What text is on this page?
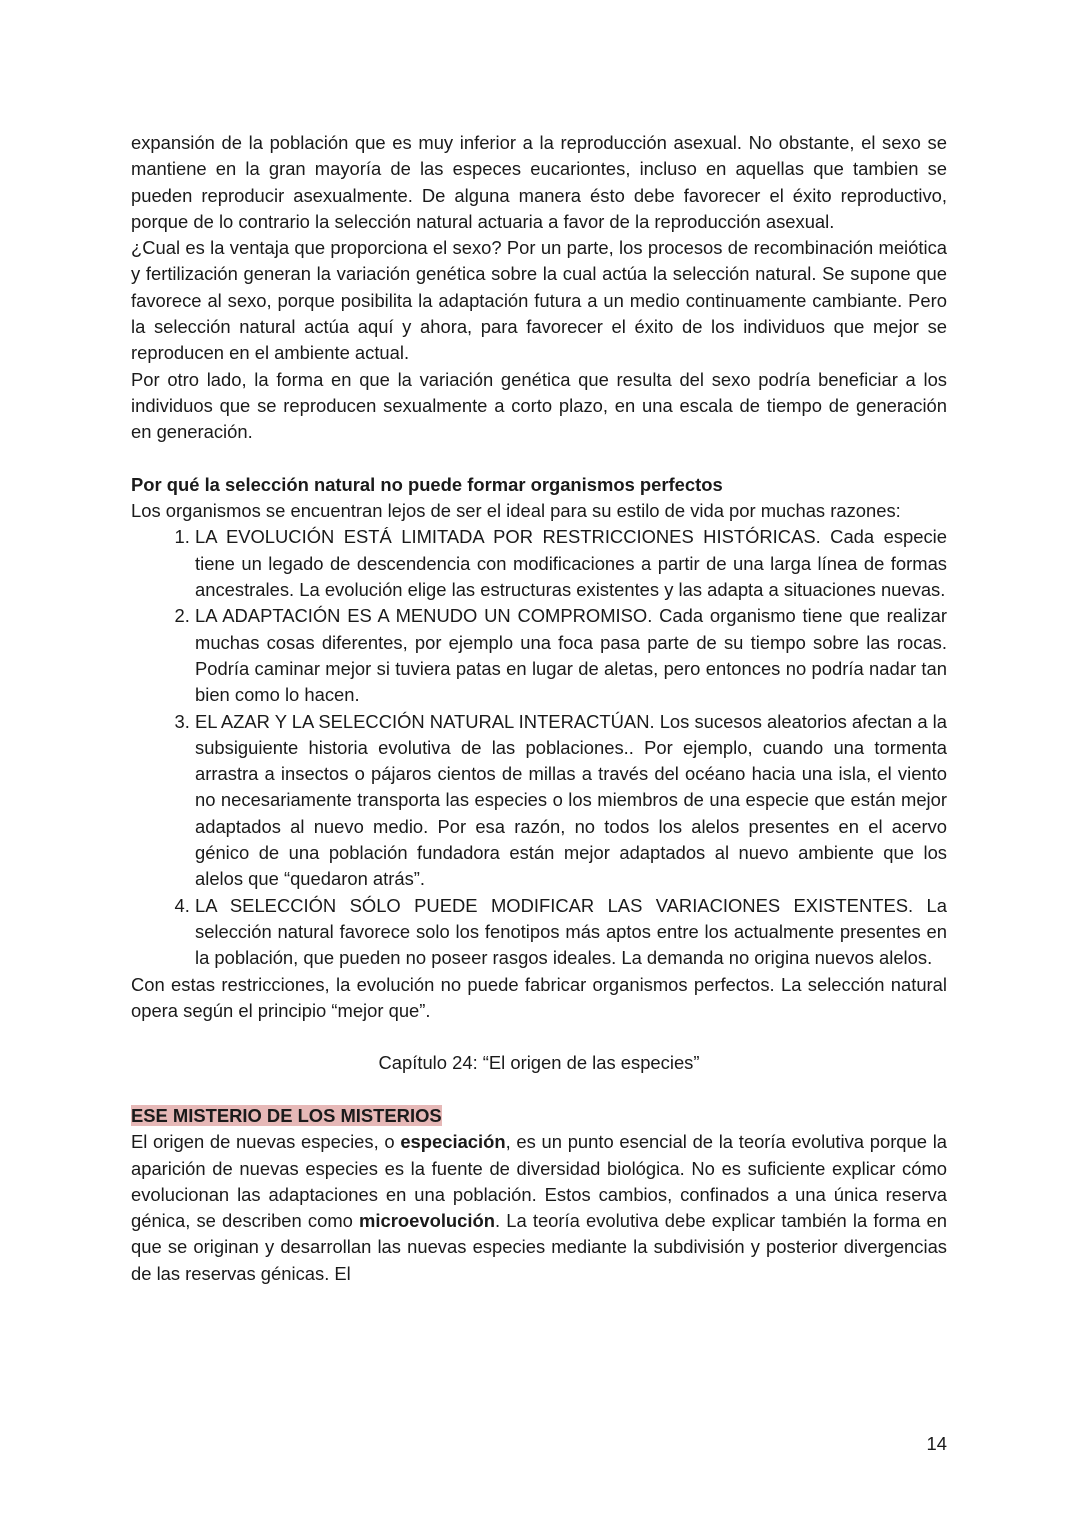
expansión de la población que es muy inferior a la reproducción asexual. No obstante, el sexo se mantiene en la gran mayoría de las especes eucariontes, incluso en aquellas que tambien se pueden reproducir asexualmente. De alguna manera ésto debe favorecer el éxito reproductivo, porque de lo contrario la selección natural actuaria a favor de la reproducción asexual.

¿Cual es la ventaja que proporciona el sexo? Por un parte, los procesos de recombinación meiótica y fertilización generan la variación genética sobre la cual actúa la selección natural. Se supone que favorece al sexo, porque posibilita la adaptación futura a un medio continuamente cambiante. Pero la selección natural actúa aquí y ahora, para favorecer el éxito de los individuos que mejor se reproducen en el ambiente actual.

Por otro lado, la forma en que la variación genética que resulta del sexo podría beneficiar a los individuos que se reproducen sexualmente a corto plazo, en una escala de tiempo de generación en generación.

Por qué la selección natural no puede formar organismos perfectos

Los organismos se encuentran lejos de ser el ideal para su estilo de vida por muchas razones:

1. LA EVOLUCIÓN ESTÁ LIMITADA POR RESTRICCIONES HISTÓRICAS. Cada especie tiene un legado de descendencia con modificaciones a partir de una larga línea de formas ancestrales. La evolución elige las estructuras existentes y las adapta a situaciones nuevas.
2. LA ADAPTACIÓN ES A MENUDO UN COMPROMISO. Cada organismo tiene que realizar muchas cosas diferentes, por ejemplo una foca pasa parte de su tiempo sobre las rocas. Podría caminar mejor si tuviera patas en lugar de aletas, pero entonces no podría nadar tan bien como lo hacen.
3. EL AZAR Y LA SELECCIÓN NATURAL INTERACTÚAN. Los sucesos aleatorios afectan a la subsiguiente historia evolutiva de las poblaciones.. Por ejemplo, cuando una tormenta arrastra a insectos o pájaros cientos de millas a través del océano hacia una isla, el viento no necesariamente transporta las especies o los miembros de una especie que están mejor adaptados al nuevo medio. Por esa razón, no todos los alelos presentes en el acervo génico de una población fundadora están mejor adaptados al nuevo ambiente que los alelos que “quedaron atrás”.
4. LA SELECCIÓN SÓLO PUEDE MODIFICAR LAS VARIACIONES EXISTENTES. La selección natural favorece solo los fenotipos más aptos entre los actualmente presentes en la población, que pueden no poseer rasgos ideales. La demanda no origina nuevos alelos.

Con estas restricciones, la evolución no puede fabricar organismos perfectos. La selección natural opera según el principio “mejor que”.

Capítulo 24: “El origen de las especies”

ESE MISTERIO DE LOS MISTERIOS

El origen de nuevas especies, o especiación, es un punto esencial de la teoría evolutiva porque la aparición de nuevas especies es la fuente de diversidad biológica. No es suficiente explicar cómo evolucionan las adaptaciones en una población. Estos cambios, confinados a una única reserva génica, se describen como microevolución. La teoría evolutiva debe explicar también la forma en que se originan y desarrollan las nuevas especies mediante la subdivisión y posterior divergencias de las reservas génicas. El

14
